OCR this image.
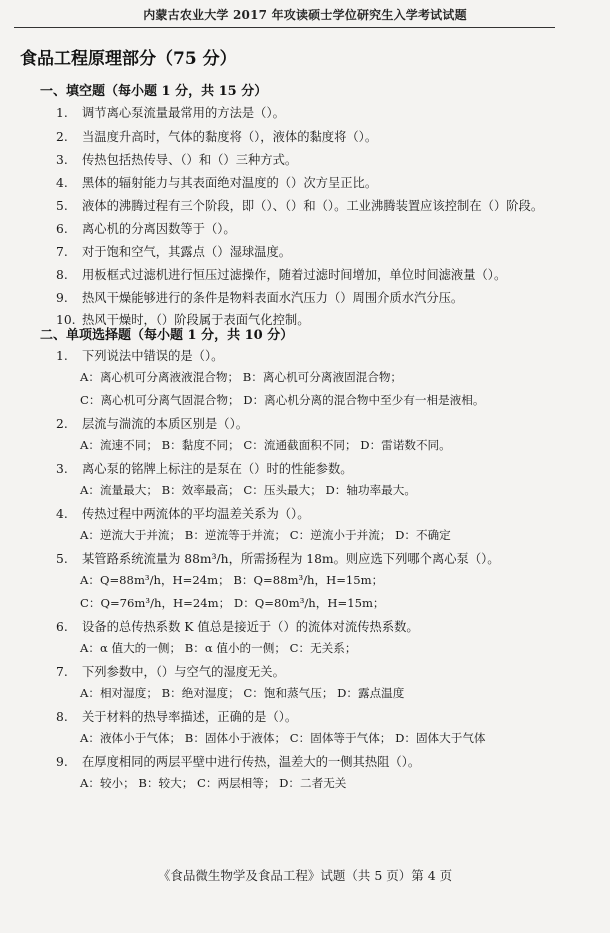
内蒙古农业大学 2017 年攻读硕士学位研究生入学考试试题
食品工程原理部分（75 分）
一、填空题（每小题 1 分，共 15 分）
1. 调节离心泵流量最常用的方法是（）。
2. 当温度升高时，气体的黏度将（），液体的黏度将（）。
3. 传热包括热传导、（）和（）三种方式。
4. 黑体的辐射能力与其表面绝对温度的（）次方呈正比。
5. 液体的沸腾过程有三个阶段，即（）、（）和（）。工业沸腾装置应该控制在（）阶段。
6. 离心机的分离因数等于（）。
7. 对于饱和空气，其露点（）湿球温度。
8. 用板框式过滤机进行恒压过滤操作，随着过滤时间增加，单位时间滤液量（）。
9. 热风干燥能够进行的条件是物料表面水汽压力（）周围介质水汽分压。
10. 热风干燥时，（）阶段属于表面气化控制。
二、单项选择题（每小题 1 分，共 10 分）
1. 下列说法中错误的是（）。
A：离心机可分离液液混合物； B：离心机可分离液固混合物；
C：离心机可分离气固混合物； D：离心机分离的混合物中至少有一相是液相。
2. 层流与湍流的本质区别是（）。
A：流速不同； B：黏度不同； C：流通截面积不同； D：雷诺数不同。
3. 离心泵的铭牌上标注的是泵在（）时的性能参数。
A：流量最大； B：效率最高； C：压头最大； D：轴功率最大。
4. 传热过程中两流体的平均温差关系为（）。
A：逆流大于并流； B：逆流等于并流； C：逆流小于并流； D：不确定
5. 某管路系统流量为 88m³/h，所需扬程为 18m。则应选下列哪个离心泵（）。
A：Q=88m³/h，H=24m； B：Q=88m³/h，H=15m；
C：Q=76m³/h，H=24m； D：Q=80m³/h，H=15m；
6. 设备的总传热系数 K 值总是接近于（）的流体对流传热系数。
A：α 值大的一侧； B：α 值小的一侧； C：无关系；
7. 下列参数中，（）与空气的湿度无关。
A：相对湿度； B：绝对湿度； C：饱和蒸气压； D：露点温度
8. 关于材料的热导率描述，正确的是（）。
A：液体小于气体； B：固体小于液体； C：固体等于气体； D：固体大于气体
9. 在厚度相同的两层平壁中进行传热，温差大的一侧其热阻（）。
A：较小； B：较大； C：两层相等； D：二者无关
《食品微生物学及食品工程》试题（共 5 页）第 4 页
